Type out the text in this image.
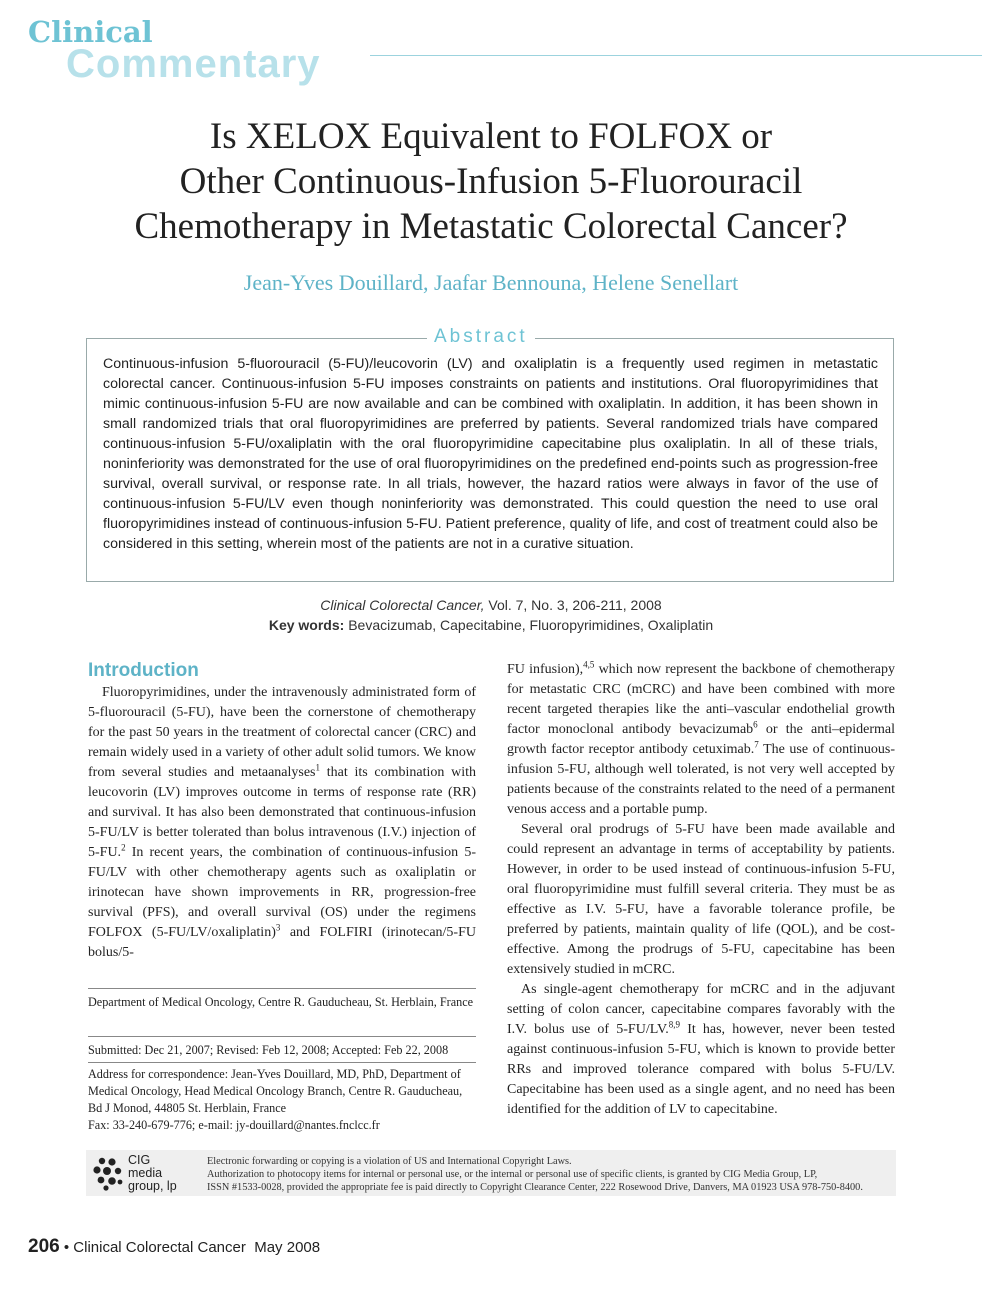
Clinical
Commentary
Is XELOX Equivalent to FOLFOX or
Other Continuous-Infusion 5-Fluorouracil
Chemotherapy in Metastatic Colorectal Cancer?
Jean-Yves Douillard, Jaafar Bennouna, Helene Senellart
Abstract

Continuous-infusion 5-fluorouracil (5-FU)/leucovorin (LV) and oxaliplatin is a frequently used regimen in metastatic colorectal cancer. Continuous-infusion 5-FU imposes constraints on patients and institutions. Oral fluoropyrimidines that mimic continuous-infusion 5-FU are now available and can be combined with oxaliplatin. In addition, it has been shown in small randomized trials that oral fluoropyrimidines are preferred by patients. Several randomized trials have compared continuous-infusion 5-FU/oxaliplatin with the oral fluoropyrimidine capecitabine plus oxaliplatin. In all of these trials, noninferiority was demonstrated for the use of oral fluoropyrimidines on the predefined end-points such as progression-free survival, overall survival, or response rate. In all trials, however, the hazard ratios were always in favor of the use of continuous-infusion 5-FU/LV even though noninferiority was demonstrated. This could question the need to use oral fluoropyrimidines instead of continuous-infusion 5-FU. Patient preference, quality of life, and cost of treatment could also be considered in this setting, wherein most of the patients are not in a curative situation.

Clinical Colorectal Cancer, Vol. 7, No. 3, 206-211, 2008
Key words: Bevacizumab, Capecitabine, Fluoropyrimidines, Oxaliplatin
Introduction

Fluoropyrimidines, under the intravenously administrated form of 5-fluorouracil (5-FU), have been the cornerstone of chemotherapy for the past 50 years in the treatment of colorectal cancer (CRC) and remain widely used in a variety of other adult solid tumors. We know from several studies and metaanalyses$^1$ that its combination with leucovorin (LV) improves outcome in terms of response rate (RR) and survival. It has also been demonstrated that continuous-infusion 5-FU/LV is better tolerated than bolus intravenous (I.V.) injection of 5-FU.$^2$ In recent years, the combination of continuous-infusion 5-FU/LV with other chemotherapy agents such as oxaliplatin or irinotecan have shown improvements in RR, progression-free survival (PFS), and overall survival (OS) under the regimens FOLFOX (5-FU/LV/oxaliplatin)$^3$ and FOLFIRI (irinotecan/5-FU bolus/5-

Department of Medical Oncology, Centre R. Gauducheau, St. Herblain, France

Submitted: Dec 21, 2007; Revised: Feb 12, 2008; Accepted: Feb 22, 2008

Address for correspondence: Jean-Yves Douillard, MD, PhD, Department of Medical Oncology, Head Medical Oncology Branch, Centre R. Gauducheau, Bd J Monod, 44805 St. Herblain, France
Fax: 33-240-679-776; e-mail: jy-douillard@nantes.fnclcc.fr

FU infusion),$^{4,5}$ which now represent the backbone of chemotherapy for metastatic CRC (mCRC) and have been combined with more recent targeted therapies like the anti–vascular endothelial growth factor monoclonal antibody bevacizumab$^6$ or the anti–epidermal growth factor receptor antibody cetuximab.$^7$ The use of continuous-infusion 5-FU, although well tolerated, is not very well accepted by patients because of the constraints related to the need of a permanent venous access and a portable pump.

Several oral prodrugs of 5-FU have been made available and could represent an advantage in terms of acceptability by patients. However, in order to be used instead of continuous-infusion 5-FU, oral fluoropyrimidine must fulfill several criteria. They must be as effective as I.V. 5-FU, have a favorable tolerance profile, be preferred by patients, maintain quality of life (QOL), and be cost-effective. Among the prodrugs of 5-FU, capecitabine has been extensively studied in mCRC.

As single-agent chemotherapy for mCRC and in the adjuvant setting of colon cancer, capecitabine compares favorably with the I.V. bolus use of 5-FU/LV.$^{8,9}$ It has, however, never been tested against continuous-infusion 5-FU, which is known to provide better RRs and improved tolerance compared with bolus 5-FU/LV. Capecitabine has been used as a single agent, and no need has been identified for the addition of LV to capecitabine.

CIG
media
group, lp
Electronic forwarding or copying is a violation of US and International Copyright Laws.
Authorization to photocopy items for internal or personal use, or the internal or personal use of specific clients, is granted by CIG Media Group, LP,
ISSN #1533-0028, provided the appropriate fee is paid directly to Copyright Clearance Center, 222 Rosewood Drive, Danvers, MA 01923 USA 978-750-8400.
206 • Clinical Colorectal Cancer May 2008
